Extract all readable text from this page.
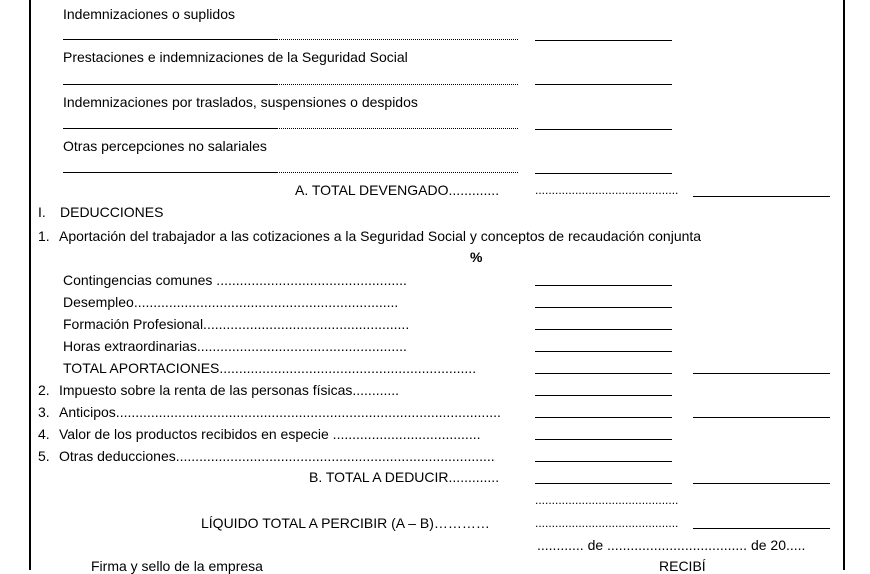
Indemnizaciones o suplidos
Prestaciones e indemnizaciones de la Seguridad Social
Indemnizaciones por traslados, suspensiones o despidos
Otras percepciones no salariales
A. TOTAL DEVENGADO.............	...........................................
I. DEDUCCIONES
1. Aportación del trabajador a las cotizaciones a la Seguridad Social y conceptos de recaudación conjunta
%
Contingencias comunes .................................................
Desempleo....................................................................
Formación Profesional.....................................................
Horas extraordinarias......................................................
TOTAL APORTACIONES..................................................................
2. Impuesto sobre la renta de las personas físicas............
3. Anticipos...................................................................................................
4. Valor de los productos recibidos en especie ......................................
5. Otras deducciones..................................................................................
B. TOTAL A DEDUCIR.............
...........................................
LÍQUIDO TOTAL A PERCIBIR (A – B)…………	...........................................
............ de .................................... de 20.....
Firma y sello de la empresa	RECIBÍ
